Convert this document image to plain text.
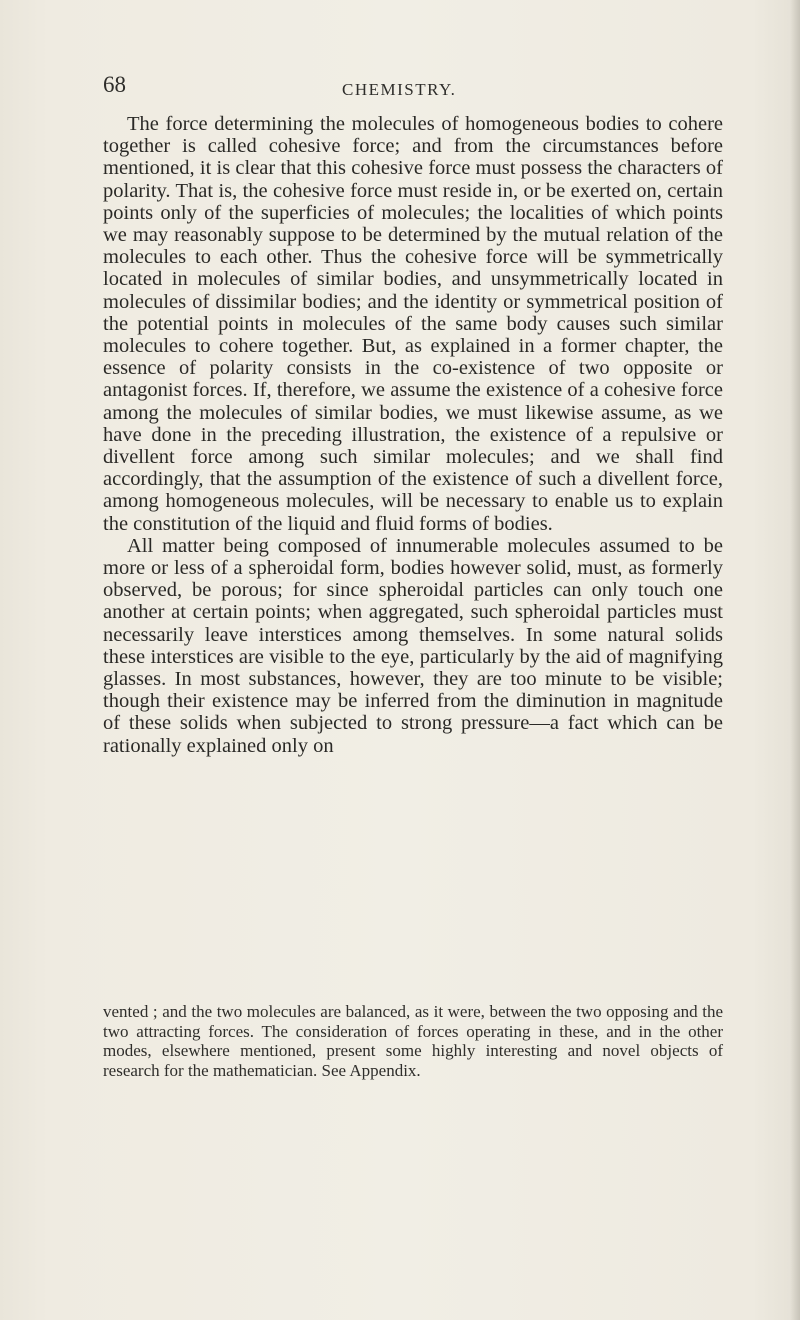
68	CHEMISTRY.

The force determining the molecules of homogeneous bodies to cohere together is called cohesive force; and from the circumstances before mentioned, it is clear that this cohesive force must possess the characters of polarity. That is, the cohesive force must reside in, or be exerted on, certain points only of the superficies of molecules; the localities of which points we may reasonably suppose to be determined by the mutual relation of the molecules to each other. Thus the cohesive force will be symmetrically located in molecules of similar bodies, and unsymmetrically located in molecules of dissimilar bodies; and the identity or symmetrical position of the potential points in molecules of the same body causes such similar molecules to cohere together. But, as explained in a former chapter, the essence of polarity consists in the co-existence of two opposite or antagonist forces. If, therefore, we assume the existence of a cohesive force among the molecules of similar bodies, we must likewise assume, as we have done in the preceding illustration, the existence of a repulsive or divellent force among such similar molecules; and we shall find accordingly, that the assumption of the existence of such a divellent force, among homogeneous molecules, will be necessary to enable us to explain the constitution of the liquid and fluid forms of bodies.

All matter being composed of innumerable molecules assumed to be more or less of a spheroidal form, bodies however solid, must, as formerly observed, be porous; for since spheroidal particles can only touch one another at certain points; when aggregated, such spheroidal particles must necessarily leave interstices among themselves. In some natural solids these interstices are visible to the eye, particularly by the aid of magnifying glasses. In most substances, however, they are too minute to be visible; though their existence may be inferred from the diminution in magnitude of these solids when subjected to strong pressure—a fact which can be rationally explained only on

vented ; and the two molecules are balanced, as it were, between the two opposing and the two attracting forces. The consideration of forces operating in these, and in the other modes, elsewhere mentioned, present some highly interesting and novel objects of research for the mathematician. See Appendix.
